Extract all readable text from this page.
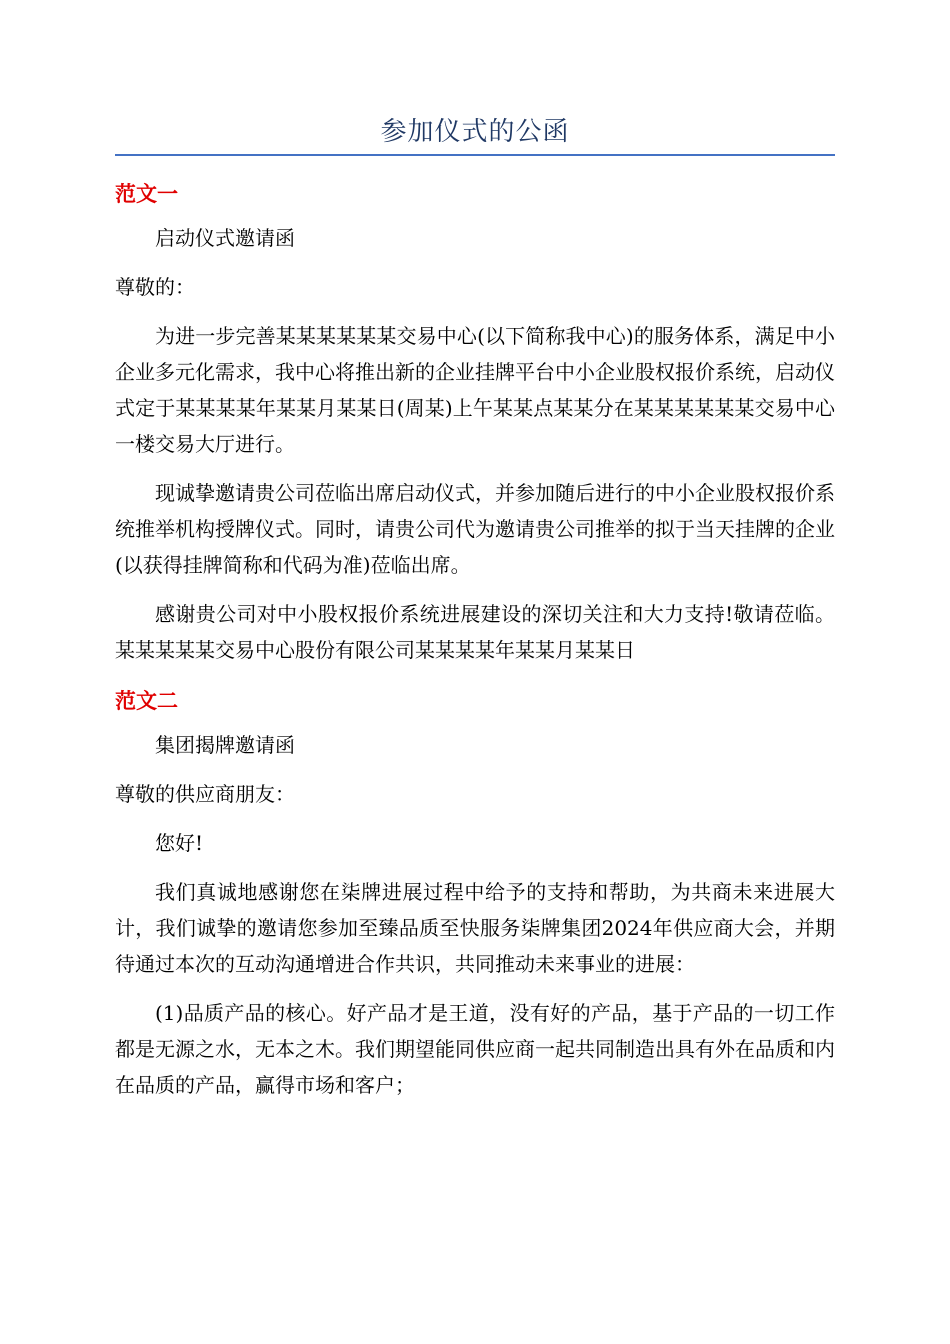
参加仪式的公函
范文一
启动仪式邀请函
尊敬的：
为进一步完善某某某某某某交易中心(以下简称我中心)的服务体系，满足中小企业多元化需求，我中心将推出新的企业挂牌平台中小企业股权报价系统，启动仪式定于某某某某年某某月某某日(周某)上午某某点某某分在某某某某某某交易中心一楼交易大厅进行。
现诚挚邀请贵公司莅临出席启动仪式，并参加随后进行的中小企业股权报价系统推举机构授牌仪式。同时，请贵公司代为邀请贵公司推举的拟于当天挂牌的企业(以获得挂牌简称和代码为准)莅临出席。
感谢贵公司对中小股权报价系统进展建设的深切关注和大力支持!敬请莅临。某某某某某交易中心股份有限公司某某某某年某某月某某日
范文二
集团揭牌邀请函
尊敬的供应商朋友：
您好!
我们真诚地感谢您在柒牌进展过程中给予的支持和帮助，为共商未来进展大计，我们诚挚的邀请您参加至臻品质至快服务柒牌集团2024年供应商大会，并期待通过本次的互动沟通增进合作共识，共同推动未来事业的进展：
(1)品质产品的核心。好产品才是王道，没有好的产品，基于产品的一切工作都是无源之水，无本之木。我们期望能同供应商一起共同制造出具有外在品质和内在品质的产品，赢得市场和客户；
